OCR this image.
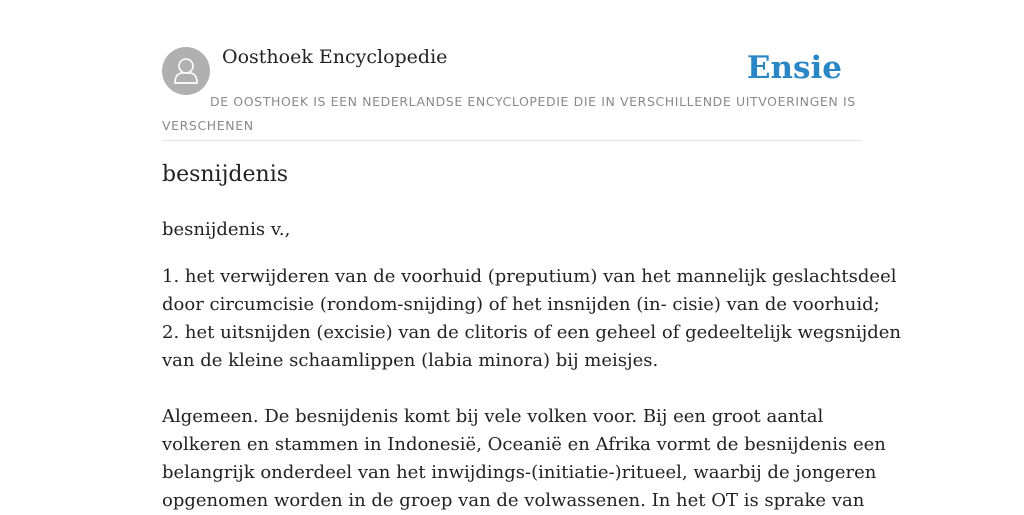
Oosthoek Encyclopedie	Ensie
DE OOSTHOEK IS EEN NEDERLANDSE ENCYCLOPEDIE DIE IN VERSCHILLENDE UITVOERINGEN IS VERSCHENEN
besnijdenis

besnijdenis v.,

1. het verwijderen van de voorhuid (preputium) van het mannelijk geslachtsdeel
door circumcisie (rondom-snijding) of het insnijden (in- cisie) van de voorhuid;
2. het uitsnijden (excisie) van de clitoris of een geheel of gedeeltelijk wegsnijden
van de kleine schaamlippen (labia minora) bij meisjes.
Algemeen. De besnijdenis komt bij vele volken voor. Bij een groot aantal
volkeren en stammen in Indonesië, Oceanië en Afrika vormt de besnijdenis een
belangrijk onderdeel van het inwijdings-(initiatie-)ritueel, waarbij de jongeren
opgenomen worden in de groep van de volwassenen. In het OT is sprake van
